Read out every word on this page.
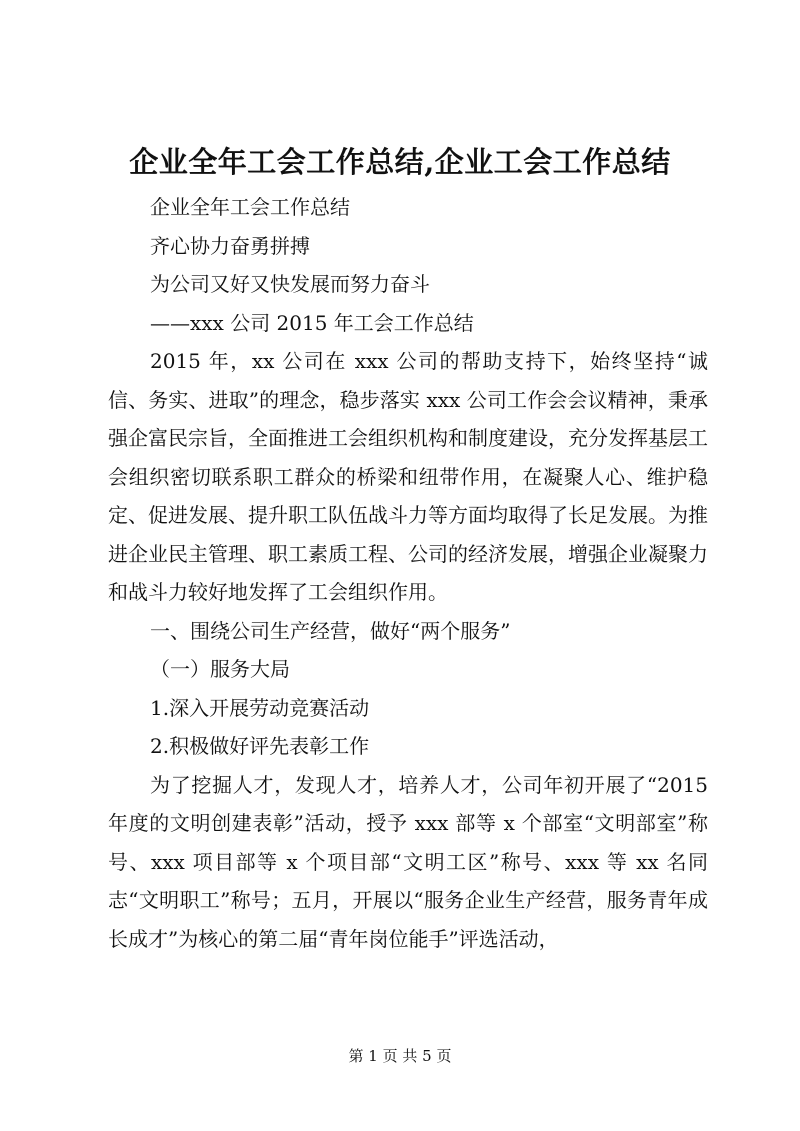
企业全年工会工作总结,企业工会工作总结
企业全年工会工作总结
齐心协力奋勇拼搏
为公司又好又快发展而努力奋斗
——xxx 公司 2015 年工会工作总结

2015 年，xx 公司在 xxx 公司的帮助支持下，始终坚持“诚信、务实、进取”的理念，稳步落实 xxx 公司工作会会议精神，秉承强企富民宗旨，全面推进工会组织机构和制度建设，充分发挥基层工会组织密切联系职工群众的桥梁和纽带作用，在凝聚人心、维护稳定、促进发展、提升职工队伍战斗力等方面均取得了长足发展。为推进企业民主管理、职工素质工程、公司的经济发展，增强企业凝聚力和战斗力较好地发挥了工会组织作用。

一、围绕公司生产经营，做好“两个服务”
（一）服务大局
1.深入开展劳动竞赛活动
2.积极做好评先表彰工作

为了挖掘人才，发现人才，培养人才，公司年初开展了“2015 年度的文明创建表彰”活动，授予 xxx 部等 x 个部室“文明部室”称号、xxx 项目部等 x 个项目部“文明工区”称号、xxx 等 xx 名同志“文明职工”称号；五月，开展以“服务企业生产经营，服务青年成长成才”为核心的第二届“青年岗位能手”评选活动，

第 1 页 共 5 页
